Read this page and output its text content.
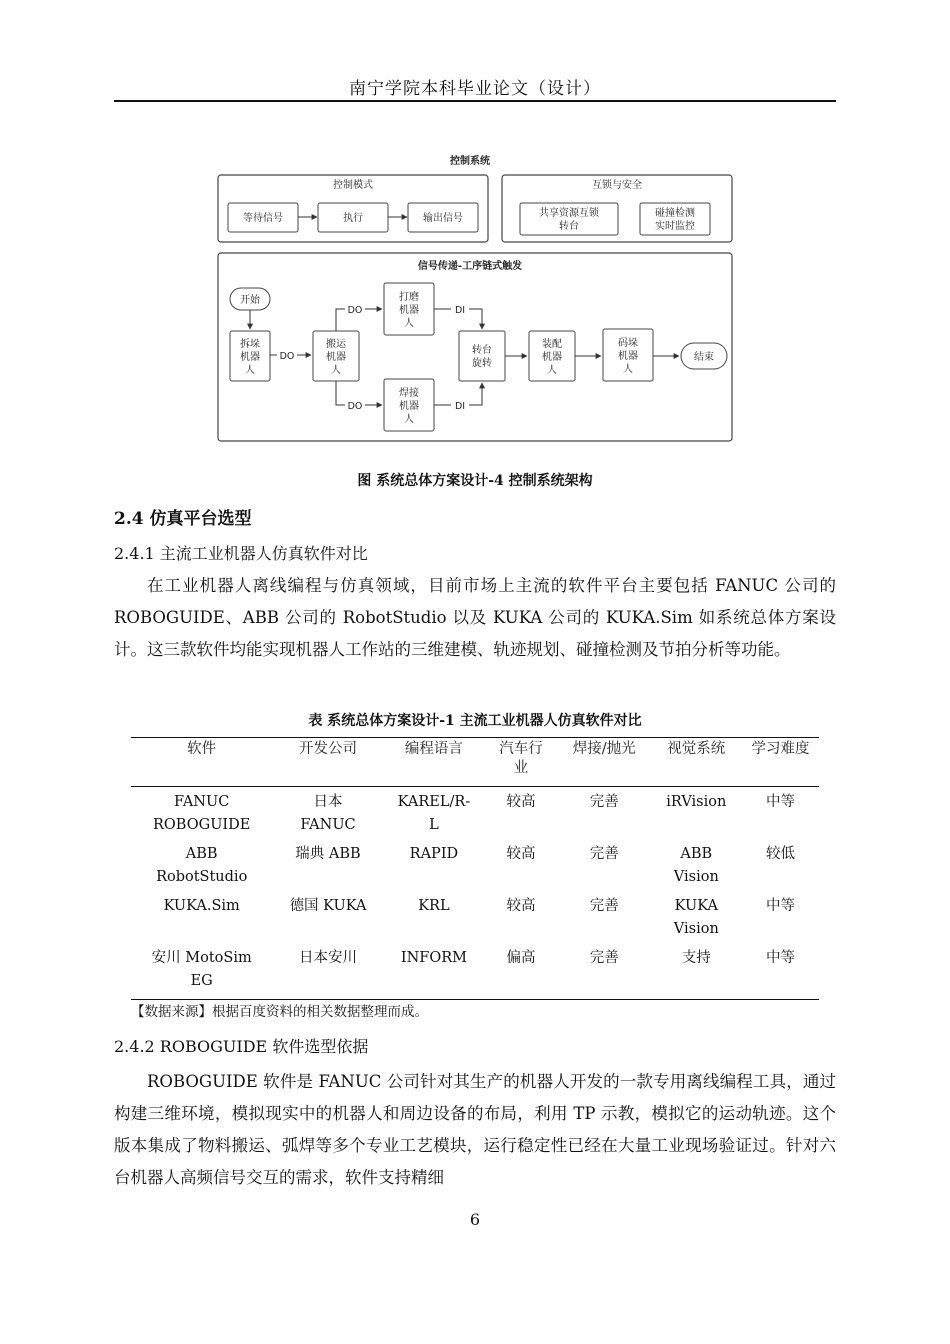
南宁学院本科毕业论文（设计）
控制系统
控制模式
等待信号	执行	输出信号
互锁与安全
共享资源互锁
转台
碰撞检测
实时监控
信号传递-工序链式触发
开始
拆垛
机器
人
DO
搬运
机器
人
DO
DO
打磨
机器
人
焊接
机器
人
DI
DI
转台
旋转
装配
机器
人
码垛
机器
人
结束
图 系统总体方案设计-4 控制系统架构
2.4 仿真平台选型
2.4.1 主流工业机器人仿真软件对比

在工业机器人离线编程与仿真领域，目前市场上主流的软件平台主要包括 FANUC 公司的 ROBOGUIDE、ABB 公司的 RobotStudio 以及 KUKA 公司的 KUKA.Sim 如系统总体方案设计。这三款软件均能实现机器人工作站的三维建模、轨迹规划、碰撞检测及节拍分析等功能。

表 系统总体方案设计-1 主流工业机器人仿真软件对比
软件	开发公司	编程语言	汽车行业	焊接/抛光	视觉系统	学习难度
FANUC ROBOGUIDE	日本 FANUC	KAREL/R-L	较高	完善	iRVision	中等
ABB RobotStudio	瑞典 ABB	RAPID	较高	完善	ABB Vision	较低
KUKA.Sim	德国 KUKA	KRL	较高	完善	KUKA Vision	中等
安川 MotoSim EG	日本安川	INFORM	偏高	完善	支持	中等
【数据来源】根据百度资料的相关数据整理而成。
2.4.2 ROBOGUIDE 软件选型依据

ROBOGUIDE 软件是 FANUC 公司针对其生产的机器人开发的一款专用离线编程工具，通过构建三维环境，模拟现实中的机器人和周边设备的布局，利用 TP 示教，模拟它的运动轨迹。这个版本集成了物料搬运、弧焊等多个专业工艺模块，运行稳定性已经在大量工业现场验证过。针对六台机器人高频信号交互的需求，软件支持精细

6
